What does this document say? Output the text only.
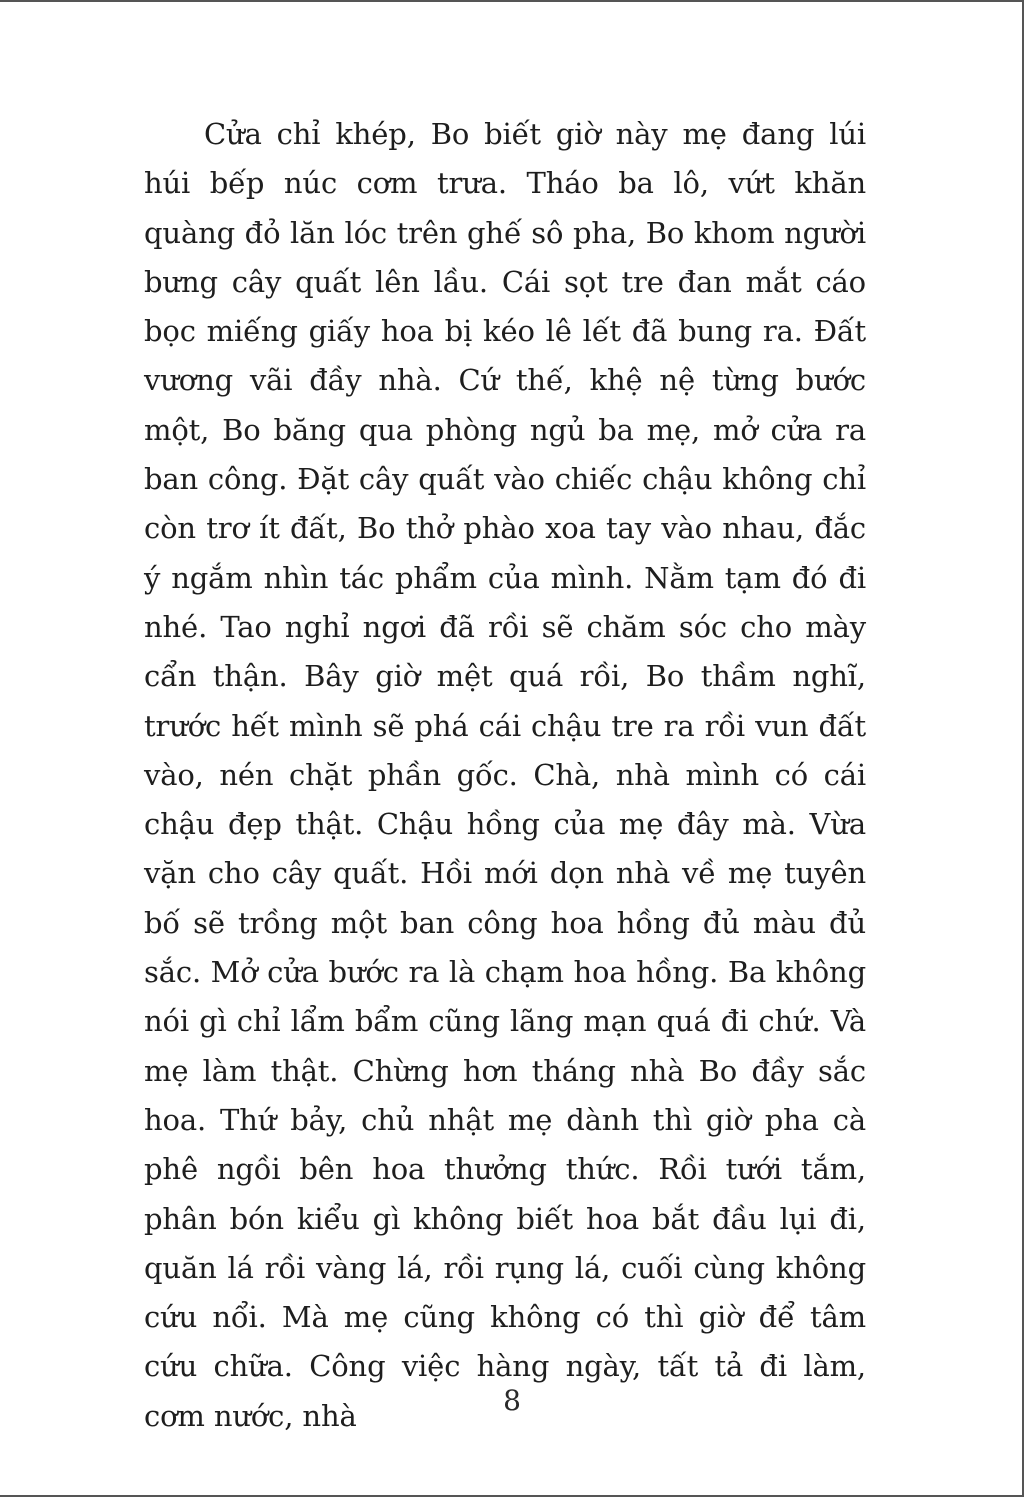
Cửa chỉ khép, Bo biết giờ này mẹ đang lúi húi bếp núc cơm trưa. Tháo ba lô, vứt khăn quàng đỏ lăn lóc trên ghế sô pha, Bo khom người bưng cây quất lên lầu. Cái sọt tre đan mắt cáo bọc miếng giấy hoa bị kéo lê lết đã bung ra. Đất vương vãi đầy nhà. Cứ thế, khệ nệ từng bước một, Bo băng qua phòng ngủ ba mẹ, mở cửa ra ban công. Đặt cây quất vào chiếc chậu không chỉ còn trơ ít đất, Bo thở phào xoa tay vào nhau, đắc ý ngắm nhìn tác phẩm của mình. Nằm tạm đó đi nhé. Tao nghỉ ngơi đã rồi sẽ chăm sóc cho mày cẩn thận. Bây giờ mệt quá rồi, Bo thầm nghĩ, trước hết mình sẽ phá cái chậu tre ra rồi vun đất vào, nén chặt phần gốc. Chà, nhà mình có cái chậu đẹp thật. Chậu hồng của mẹ đây mà. Vừa vặn cho cây quất. Hồi mới dọn nhà về mẹ tuyên bố sẽ trồng một ban công hoa hồng đủ màu đủ sắc. Mở cửa bước ra là chạm hoa hồng. Ba không nói gì chỉ lẩm bẩm cũng lãng mạn quá đi chứ. Và mẹ làm thật. Chừng hơn tháng nhà Bo đầy sắc hoa. Thứ bảy, chủ nhật mẹ dành thì giờ pha cà phê ngồi bên hoa thưởng thức. Rồi tưới tắm, phân bón kiểu gì không biết hoa bắt đầu lụi đi, quăn lá rồi vàng lá, rồi rụng lá, cuối cùng không cứu nổi. Mà mẹ cũng không có thì giờ để tâm cứu chữa. Công việc hàng ngày, tất tả đi làm, cơm nước, nhà	8
